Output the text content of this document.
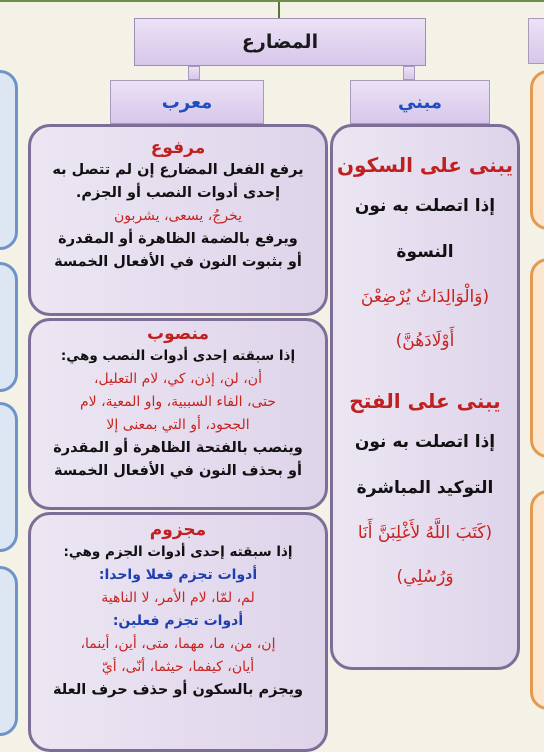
المضارع
معرب	مبني
يبنى على السكون
إذا اتصلت به نون
النسوة
(وَالْوَالِدَاتُ يُرْضِعْنَ
أَوْلَادَهُنَّ)
يبنى على الفتح
إذا اتصلت به نون
التوكيد المباشرة
(كَتَبَ اللَّهُ لأَغْلِبَنَّ أَنَا
وَرُسُلِي)
مرفوع
يرفع الفعل المضارع إن لم تتصل به
إحدى أدوات النصب أو الجزم.
يخرجُ، يسعى، يشربون
ويرفع بالضمة الظاهرة أو المقدرة
أو بثبوت النون في الأفعال الخمسة
منصوب
إذا سبقته إحدى أدوات النصب وهي:
أن، لن، إذن، كي، لام التعليل،
حتى، الفاء السببية، واو المعية، لام
الجحود، أو التي بمعنى إلا
وينصب بالفتحة الظاهرة أو المقدرة
أو بحذف النون في الأفعال الخمسة
مجزوم
إذا سبقته إحدى أدوات الجزم وهي:
أدوات تجزم فعلا واحدا:
لم، لمّا، لام الأمر، لا الناهية
أدوات تجزم فعلين:
إن، من، ما، مهما، متى، أين، أينما،
أيان، كيفما، حيثما، أنّى، أيّ
ويجزم بالسكون أو حذف حرف العلة
